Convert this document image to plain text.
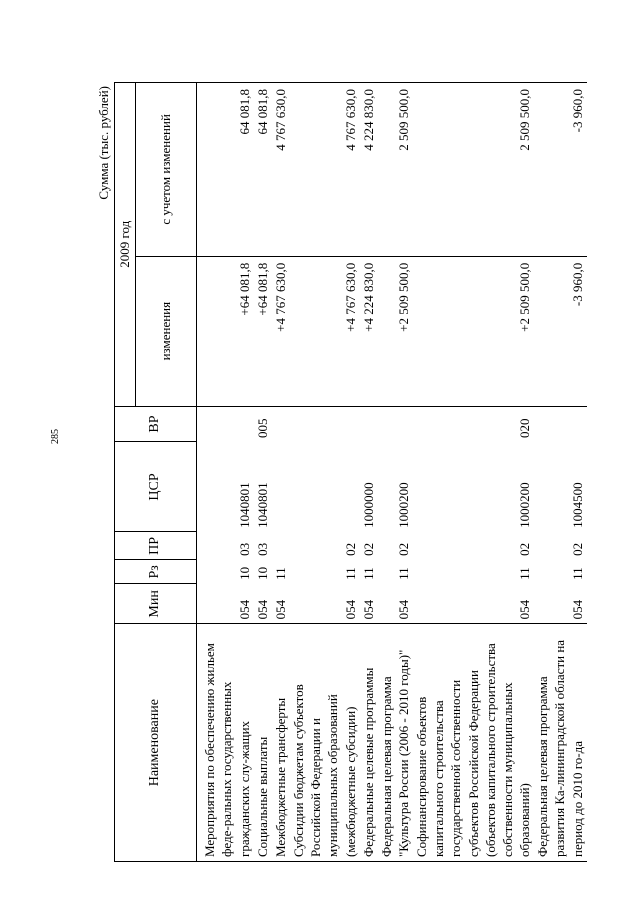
285
Сумма (тыс. рублей)
Наименование	Мин	Рз	ПР	ЦСР	ВР	2009 год	
						изменения	с учетом изменений

Мероприятия по обеспечению жильем феде-ральных государственных гражданских слу-жащих	054	10	03	1040801		+64 081,8	64 081,8
Социальные выплаты	054	10	03	1040801	005	+64 081,8	64 081,8
Межбюджетные трансферты	054	11				+4 767 630,0	4 767 630,0
Субсидии бюджетам субъектов Российской Федерации и муниципальных образований (межбюджетные субсидии)	054	11	02			+4 767 630,0	4 767 630,0
Федеральные целевые программы	054	11	02	1000000		+4 224 830,0	4 224 830,0
Федеральная целевая программа "Культура России (2006 - 2010 годы)"	054	11	02	1000200		+2 509 500,0	2 509 500,0
Софинансирование объектов капитального строительства государственной собственности субъектов Российской Федерации (объектов капитального строительства собственности муниципальных образований)	054	11	02	1000200	020	+2 509 500,0	2 509 500,0
Федеральная целевая программа развития Ка-лининградской области на период до 2010 го-да	054	11	02	1004500		-3 960,0	-3 960,0
